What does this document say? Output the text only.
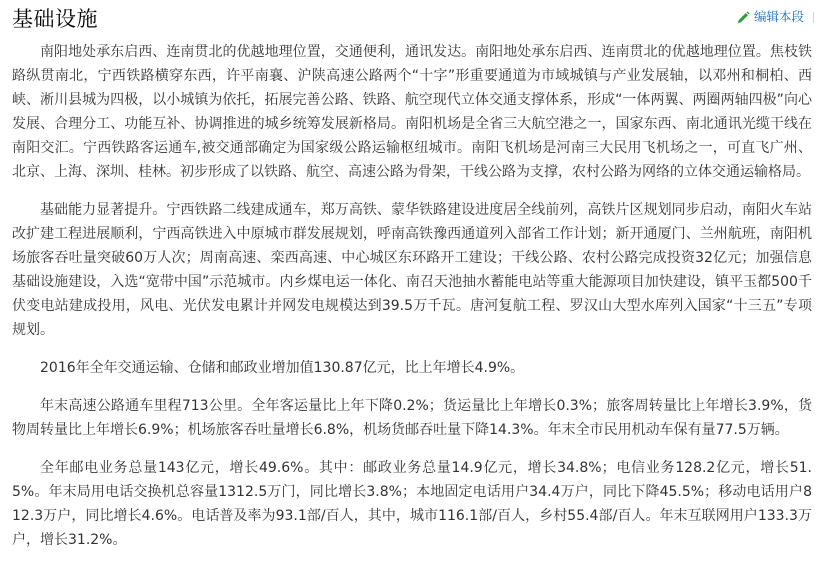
基础设施	编辑本段

南阳地处承东启西、连南贯北的优越地理位置，交通便利，通讯发达。南阳地处承东启西、连南贯北的优越地理位置。焦枝铁路纵贯南北，宁西铁路横穿东西，许平南襄、沪陕高速公路两个“十字”形重要通道为市域城镇与产业发展轴，以邓州和桐柏、西峡、淅川县城为四极，以小城镇为依托，拓展完善公路、铁路、航空现代立体交通支撑体系，形成“一体两翼、两圈两轴四极”向心发展、合理分工、功能互补、协调推进的城乡统筹发展新格局。南阳机场是全省三大航空港之一，国家东西、南北通讯光缆干线在南阳交汇。宁西铁路客运通车,被交通部确定为国家级公路运输枢纽城市。南阳飞机场是河南三大民用飞机场之一，可直飞广州、北京、上海、深圳、桂林。初步形成了以铁路、航空、高速公路为骨架，干线公路为支撑，农村公路为网络的立体交通运输格局。

基础能力显著提升。宁西铁路二线建成通车，郑万高铁、蒙华铁路建设进度居全线前列，高铁片区规划同步启动，南阳火车站改扩建工程进展顺利，宁西高铁进入中原城市群发展规划，呼南高铁豫西通道列入部省工作计划；新开通厦门、兰州航班，南阳机场旅客吞吐量突破60万人次；周南高速、栾西高速、中心城区东环路开工建设；干线公路、农村公路完成投资32亿元；加强信息基础设施建设，入选“宽带中国”示范城市。内乡煤电运一体化、南召天池抽水蓄能电站等重大能源项目加快建设，镇平玉都500千伏变电站建成投用，风电、光伏发电累计并网发电规模达到39.5万千瓦。唐河复航工程、罗汉山大型水库列入国家“十三五”专项规划。

2016年全年交通运输、仓储和邮政业增加值130.87亿元，比上年增长4.9%。

年末高速公路通车里程713公里。全年客运量比上年下降0.2%；货运量比上年增长0.3%；旅客周转量比上年增长3.9%，货物周转量比上年增长6.9%；机场旅客吞吐量增长6.8%，机场货邮吞吐量下降14.3%。年末全市民用机动车保有量77.5万辆。

全年邮电业务总量143亿元，增长49.6%。其中：邮政业务总量14.9亿元，增长34.8%；电信业务128.2亿元，增长51.5%。年末局用电话交换机总容量1312.5万门，同比增长3.8%；本地固定电话用户34.4万户，同比下降45.5%；移动电话用户812.3万户，同比增长4.6%。电话普及率为93.1部/百人，其中，城市116.1部/百人，乡村55.4部/百人。年末互联网用户133.3万户，增长31.2%。
